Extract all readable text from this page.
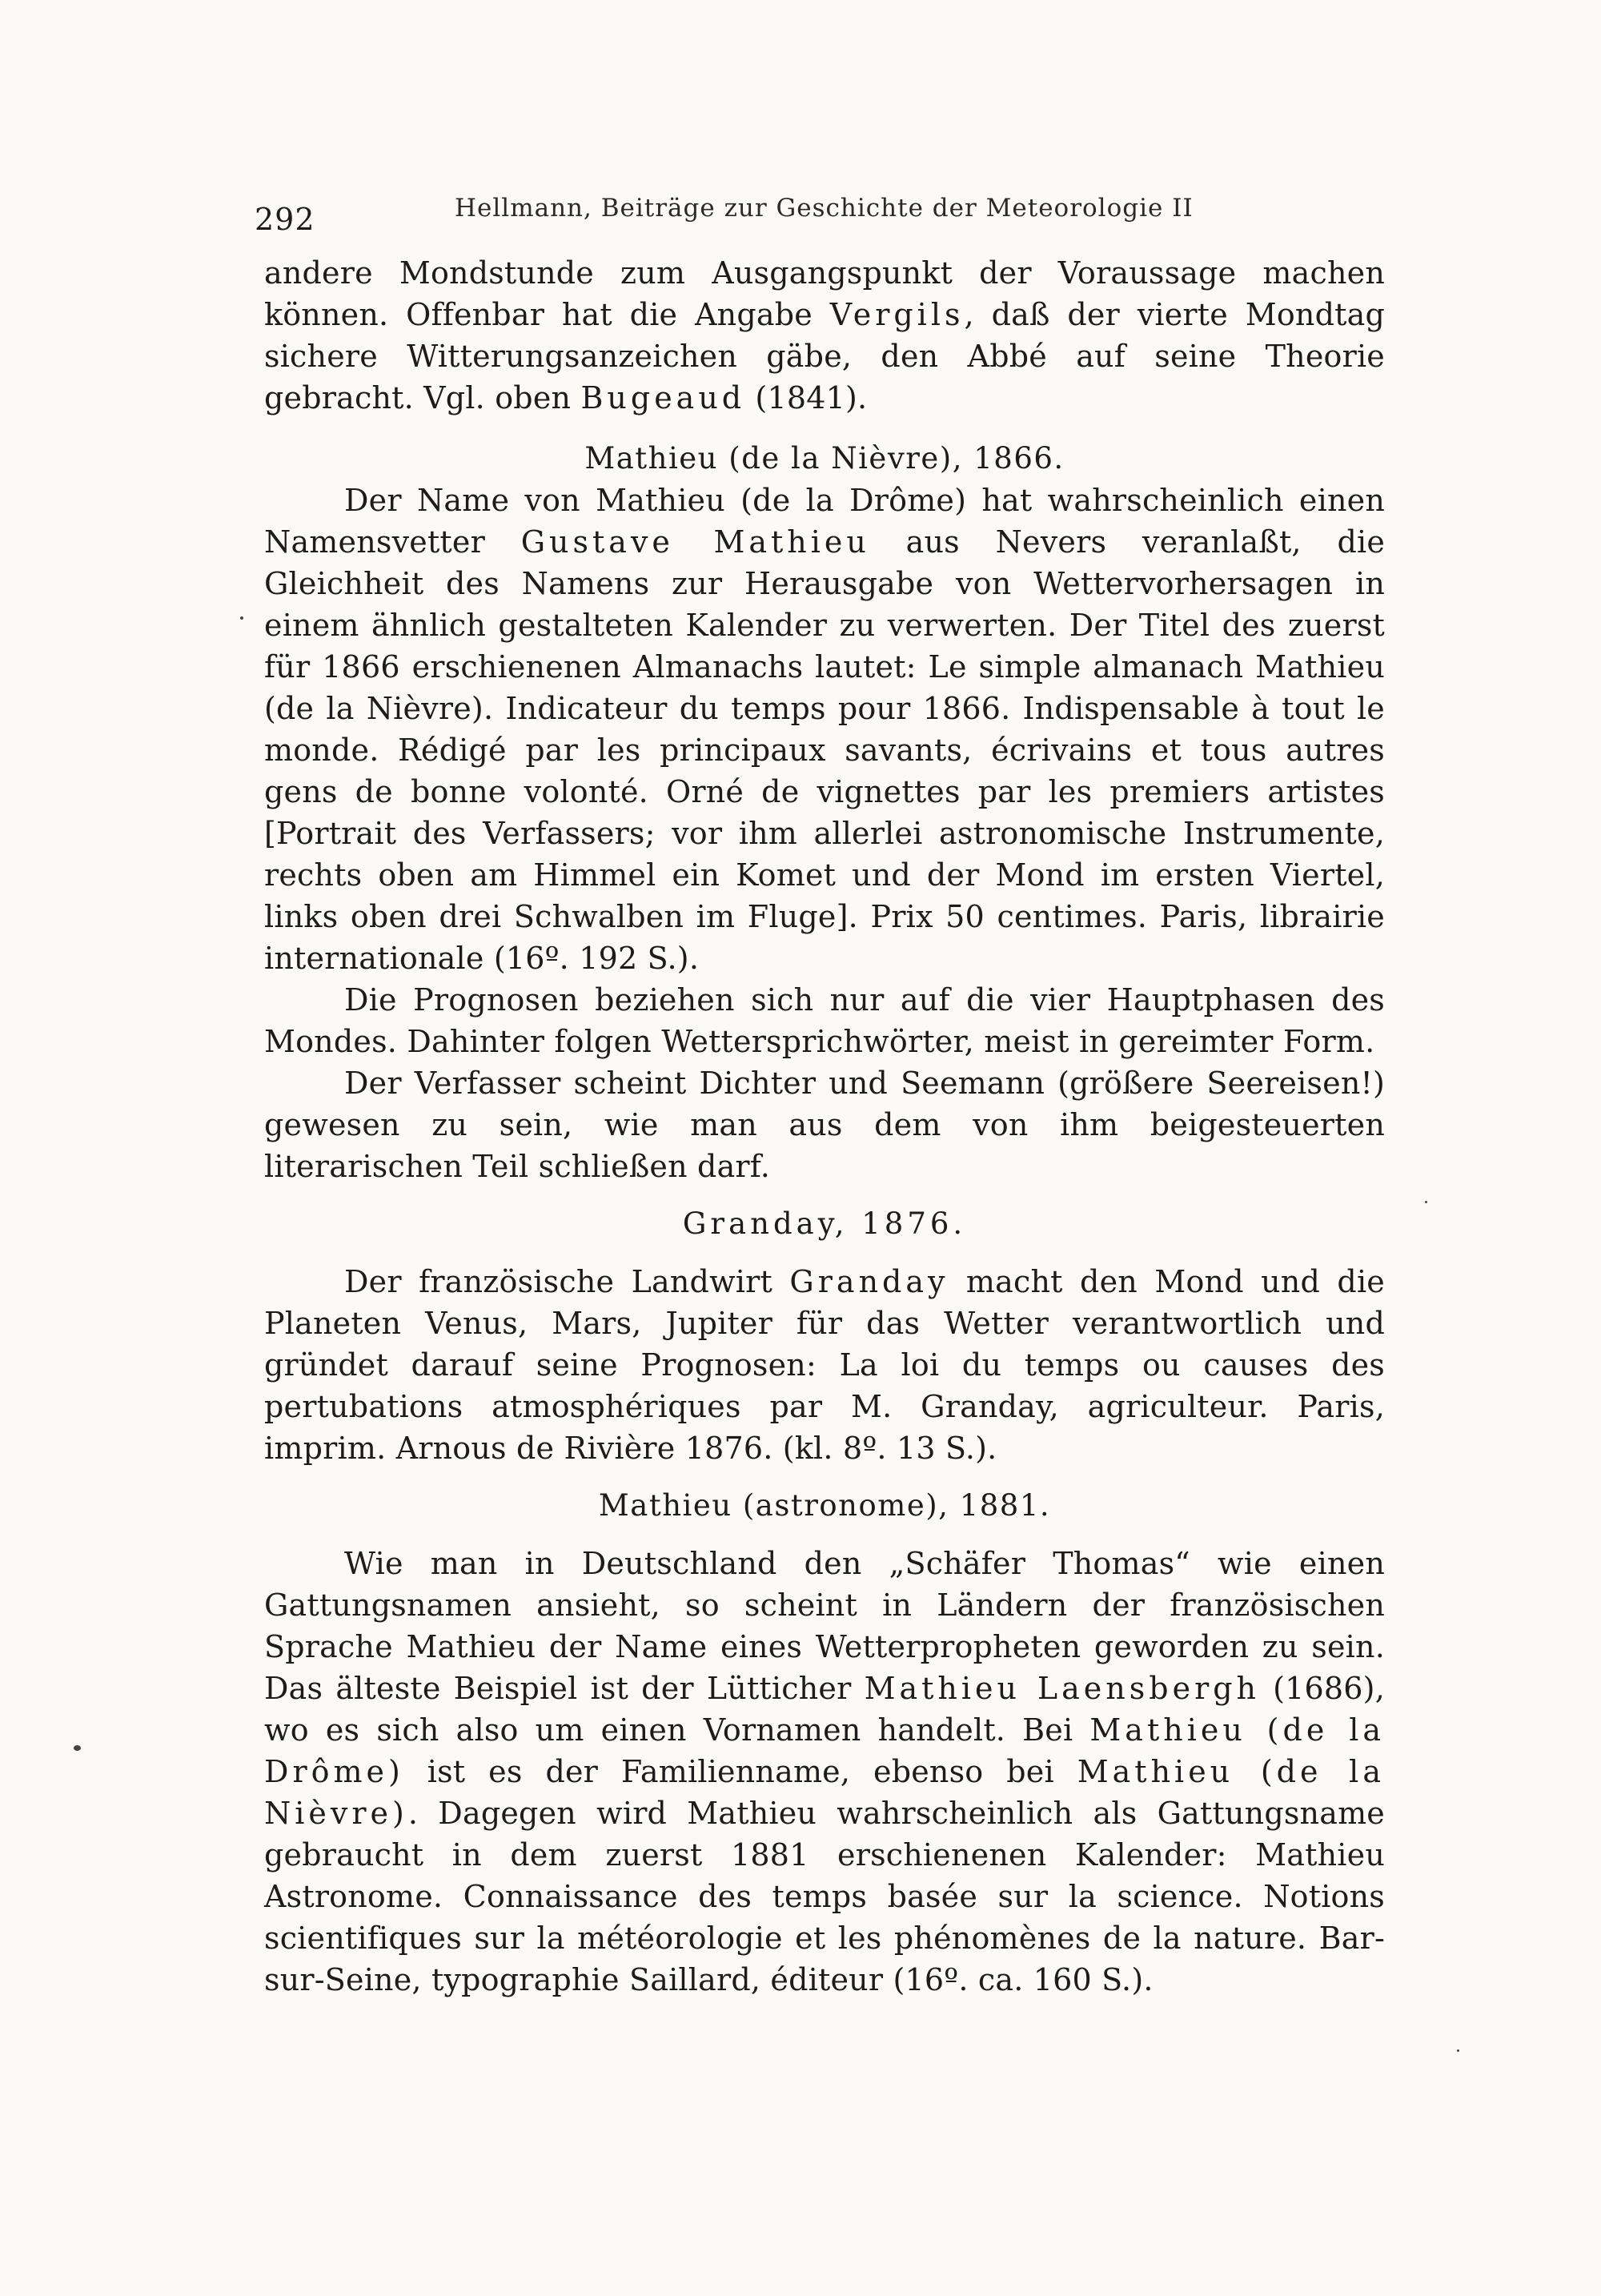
292	Hellmann, Beiträge zur Geschichte der Meteorologie II

andere Mondstunde zum Ausgangspunkt der Voraussage machen können. Offenbar hat die Angabe Vergils, daß der vierte Mondtag sichere Witterungsanzeichen gäbe, den Abbé auf seine Theorie gebracht. Vgl. oben Bugeaud (1841).

Mathieu (de la Nièvre), 1866.

Der Name von Mathieu (de la Drôme) hat wahrscheinlich einen Namensvetter Gustave Mathieu aus Nevers veranlaßt, die Gleichheit des Namens zur Herausgabe von Wettervorhersagen in einem ähnlich gestalteten Kalender zu verwerten. Der Titel des zuerst für 1866 erschienenen Almanachs lautet: Le simple almanach Mathieu (de la Nièvre). Indicateur du temps pour 1866. Indispensable à tout le monde. Rédigé par les principaux savants, écrivains et tous autres gens de bonne volonté. Orné de vignettes par les premiers artistes [Portrait des Verfassers; vor ihm allerlei astronomische Instrumente, rechts oben am Himmel ein Komet und der Mond im ersten Viertel, links oben drei Schwalben im Fluge]. Prix 50 centimes. Paris, librairie internationale (16º. 192 S.).

Die Prognosen beziehen sich nur auf die vier Hauptphasen des Mondes. Dahinter folgen Wettersprichwörter, meist in gereimter Form.

Der Verfasser scheint Dichter und Seemann (größere Seereisen!) gewesen zu sein, wie man aus dem von ihm beigesteuerten literarischen Teil schließen darf.

Granday, 1876.

Der französische Landwirt Granday macht den Mond und die Planeten Venus, Mars, Jupiter für das Wetter verantwortlich und gründet darauf seine Prognosen: La loi du temps ou causes des pertubations atmosphériques par M. Granday, agriculteur. Paris, imprim. Arnous de Rivière 1876. (kl. 8º. 13 S.).

Mathieu (astronome), 1881.

Wie man in Deutschland den „Schäfer Thomas“ wie einen Gattungsnamen ansieht, so scheint in Ländern der französischen Sprache Mathieu der Name eines Wetterpropheten geworden zu sein. Das älteste Beispiel ist der Lütticher Mathieu Laensbergh (1686), wo es sich also um einen Vornamen handelt. Bei Mathieu (de la Drôme) ist es der Familienname, ebenso bei Mathieu (de la Nièvre). Dagegen wird Mathieu wahrscheinlich als Gattungsname gebraucht in dem zuerst 1881 erschienenen Kalender: Mathieu Astronome. Connaissance des temps basée sur la science. Notions scientifiques sur la météorologie et les phénomènes de la nature. Bar-sur-Seine, typographie Saillard, éditeur (16º. ca. 160 S.).
